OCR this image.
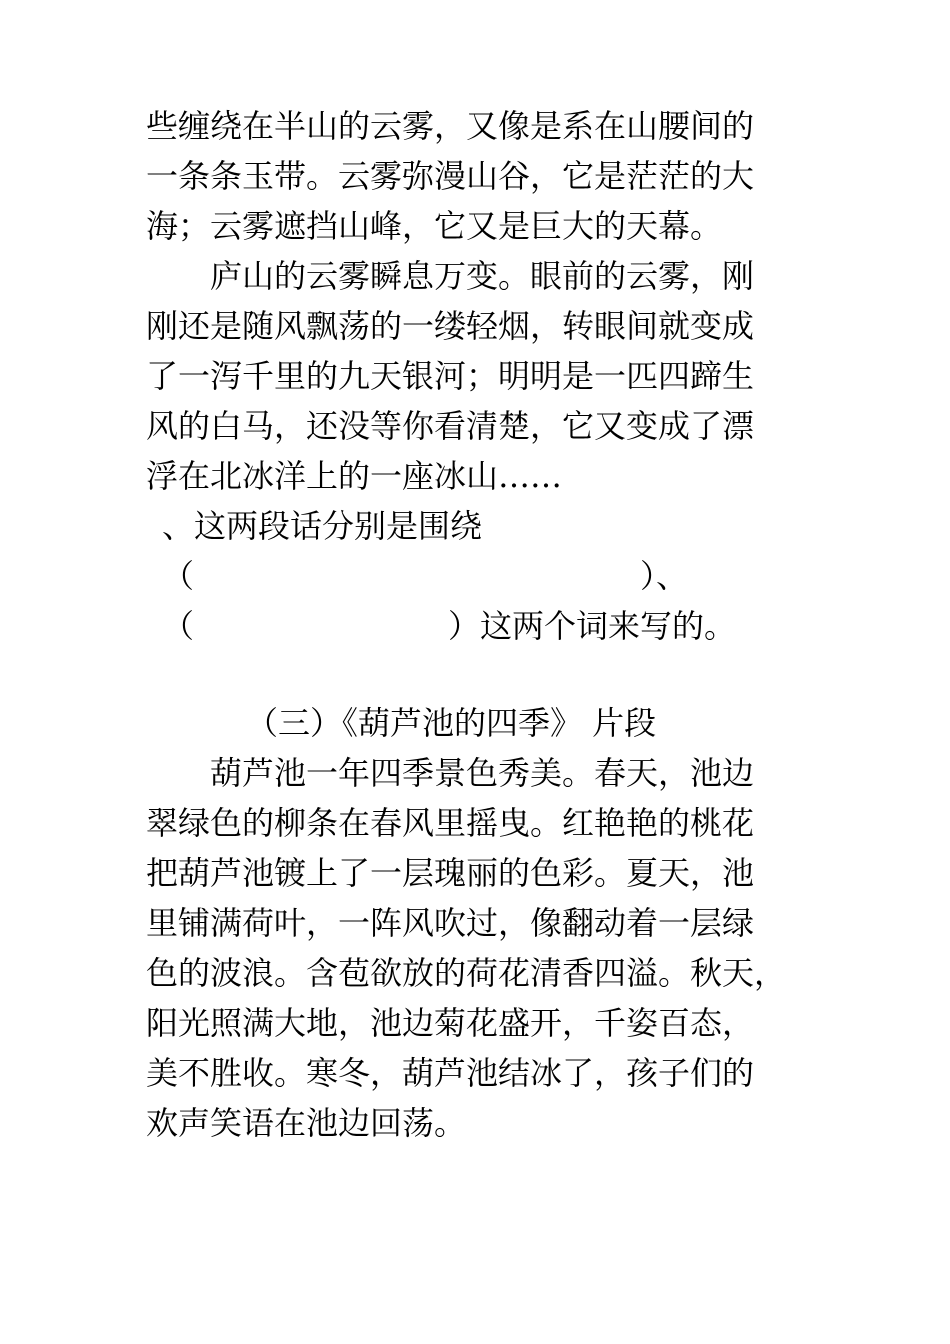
些缠绕在半山的云雾，又像是系在山腰间的
一条条玉带。云雾弥漫山谷，它是茫茫的大
海；云雾遮挡山峰，它又是巨大的天幕。
庐山的云雾瞬息万变。眼前的云雾，刚
刚还是随风飘荡的一缕轻烟，转眼间就变成
了一泻千里的九天银河；明明是一匹四蹄生
风的白马，还没等你看清楚，它又变成了漂
浮在北冰洋上的一座冰山……
、这两段话分别是围绕
（	）、
（	）这两个词来写的。
（三）《葫芦池的四季》 片段
葫芦池一年四季景色秀美。春天，池边
翠绿色的柳条在春风里摇曳。红艳艳的桃花
把葫芦池镀上了一层瑰丽的色彩。夏天，池
里铺满荷叶，一阵风吹过，像翻动着一层绿
色的波浪。含苞欲放的荷花清香四溢。秋天，
阳光照满大地，池边菊花盛开，千姿百态，
美不胜收。寒冬，葫芦池结冰了，孩子们的
欢声笑语在池边回荡。
